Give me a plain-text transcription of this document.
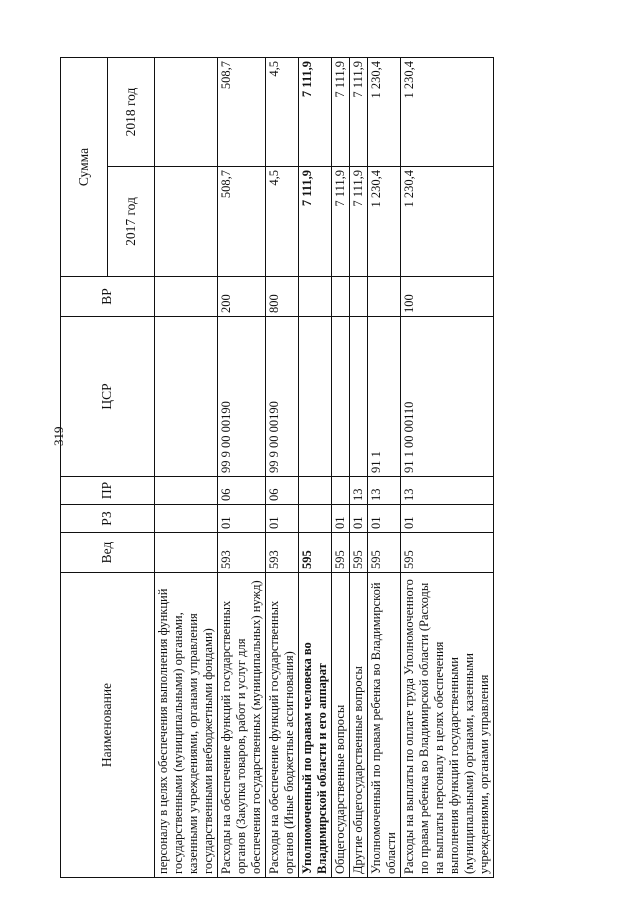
319
Наименование	Вед	РЗ	ПР	ЦСР	ВР	Сумма	
						2017 год	2018 год
персоналу в целях обеспечения выполнения функций государственными (муниципальными) органами, казенными учреждениями, органами управления государственными внебюджетными фондами)							
Расходы на обеспечение функций государственных органов (Закупка товаров, работ и услуг для обеспечения государственных (муниципальных) нужд)	593	01	06	99 9 00 00190	200	508,7	508,7
Расходы на обеспечение функций государственных органов (Иные бюджетные ассигнования)	593	01	06	99 9 00 00190	800	4,5	4,5
Уполномоченный по правам человека во Владимирской области и его аппарат	595					7 111,9	7 111,9
Общегосударственные вопросы	595	01				7 111,9	7 111,9
Другие общегосударственные вопросы	595	01	13			7 111,9	7 111,9
Уполномоченный по правам ребенка во Владимирской области	595	01	13	91 1		1 230,4	1 230,4
Расходы на выплаты по оплате труда Уполномоченного по правам ребенка во Владимирской области (Расходы на выплаты персоналу в целях обеспечения выполнения функций государственными (муниципальными) органами, казенными учреждениями, органами управления	595	01	13	91 1 00 00110	100	1 230,4	1 230,4
